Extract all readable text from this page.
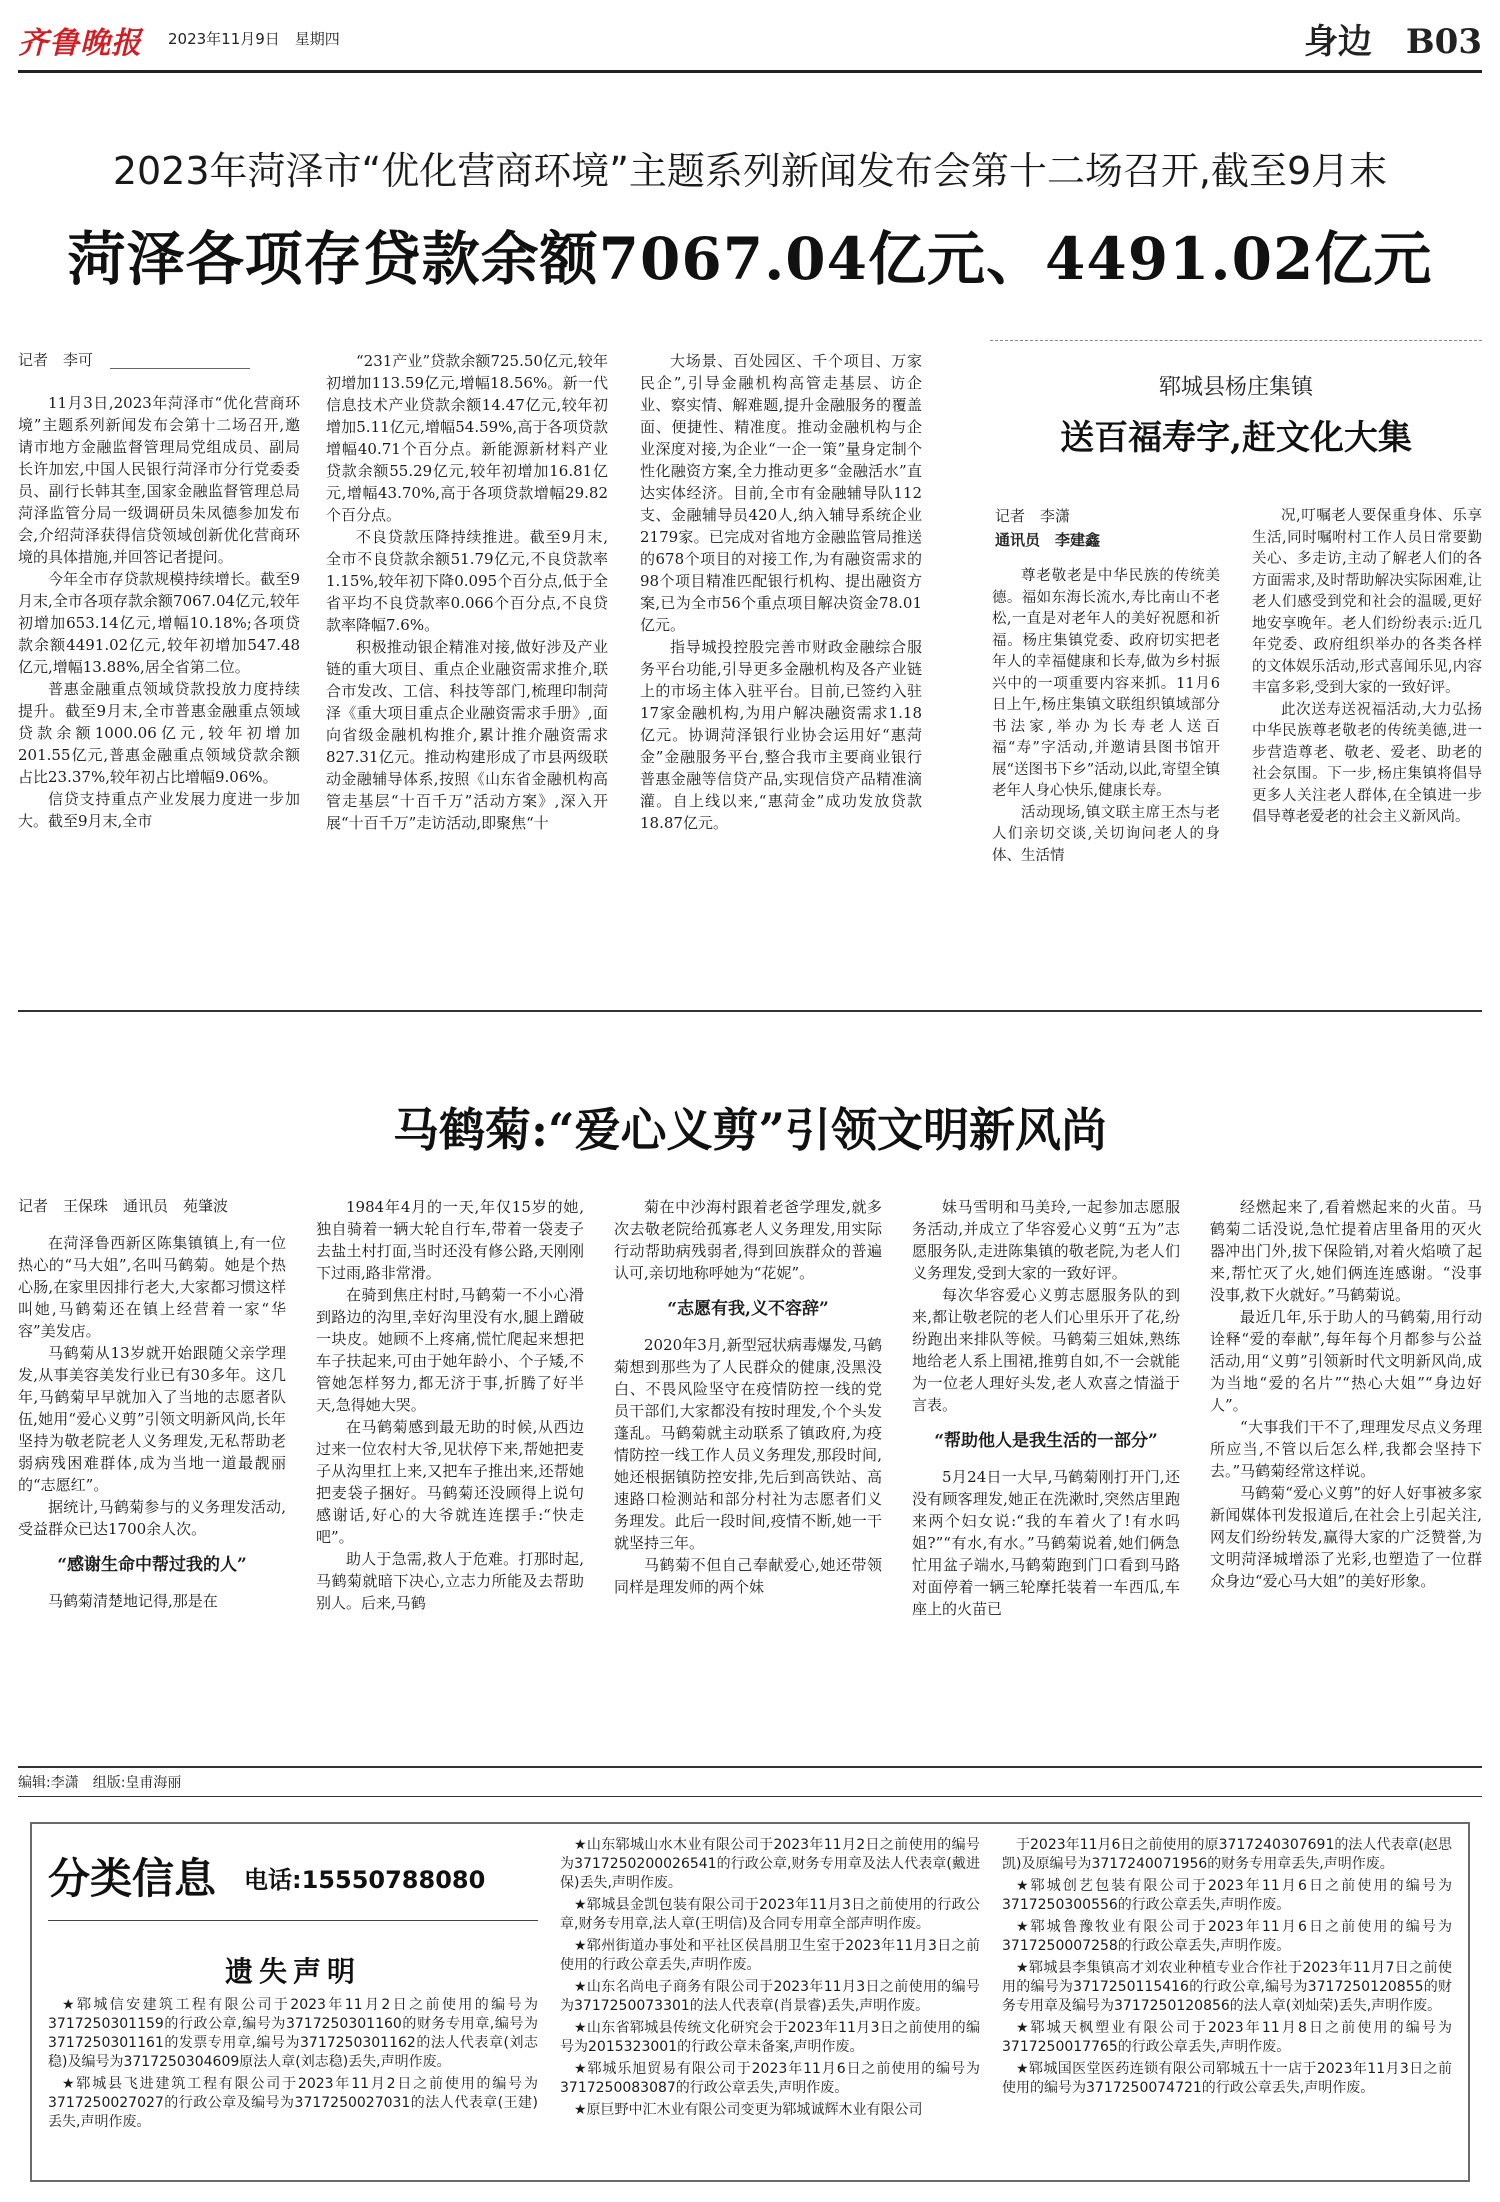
齐鲁晚报 2023年11月9日　星期四	身边　B03
2023年菏泽市“优化营商环境”主题系列新闻发布会第十二场召开,截至9月末
菏泽各项存贷款余额7067.04亿元、4491.02亿元
记者　李可

11月3日,2023年菏泽市“优化营商环境”主题系列新闻发布会第十二场召开,邀请市地方金融监督管理局党组成员、副局长许加宏,中国人民银行菏泽市分行党委委员、副行长韩其奎,国家金融监督管理总局菏泽监管分局一级调研员朱凤德参加发布会,介绍菏泽获得信贷领域创新优化营商环境的具体措施,并回答记者提问。

今年全市存贷款规模持续增长。截至9月末,全市各项存款余额7067.04亿元,较年初增加653.14亿元,增幅10.18%;各项贷款余额4491.02亿元,较年初增加547.48亿元,增幅13.88%,居全省第二位。

普惠金融重点领域贷款投放力度持续提升。截至9月末,全市普惠金融重点领域贷款余额1000.06亿元,较年初增加201.55亿元,普惠金融重点领域贷款余额占比23.37%,较年初占比增幅9.06%。

信贷支持重点产业发展力度进一步加大。截至9月末,全市

“231产业”贷款余额725.50亿元,较年初增加113.59亿元,增幅18.56%。新一代信息技术产业贷款余额14.47亿元,较年初增加5.11亿元,增幅54.59%,高于各项贷款增幅40.71个百分点。新能源新材料产业贷款余额55.29亿元,较年初增加16.81亿元,增幅43.70%,高于各项贷款增幅29.82个百分点。

不良贷款压降持续推进。截至9月末,全市不良贷款余额51.79亿元,不良贷款率1.15%,较年初下降0.095个百分点,低于全省平均不良贷款率0.066个百分点,不良贷款率降幅7.6%。

积极推动银企精准对接,做好涉及产业链的重大项目、重点企业融资需求推介,联合市发改、工信、科技等部门,梳理印制菏泽《重大项目重点企业融资需求手册》,面向省级金融机构推介,累计推介融资需求827.31亿元。推动构建形成了市县两级联动金融辅导体系,按照《山东省金融机构高管走基层“十百千万”活动方案》,深入开展“十百千万”走访活动,即聚焦“十

大场景、百处园区、千个项目、万家民企”,引导金融机构高管走基层、访企业、察实情、解难题,提升金融服务的覆盖面、便捷性、精准度。推动金融机构与企业深度对接,为企业“一企一策”量身定制个性化融资方案,全力推动更多“金融活水”直达实体经济。目前,全市有金融辅导队112支、金融辅导员420人,纳入辅导系统企业2179家。已完成对省地方金融监管局推送的678个项目的对接工作,为有融资需求的98个项目精准匹配银行机构、提出融资方案,已为全市56个重点项目解决资金78.01亿元。

指导城投控股完善市财政金融综合服务平台功能,引导更多金融机构及各产业链上的市场主体入驻平台。目前,已签约入驻17家金融机构,为用户解决融资需求1.18亿元。协调菏泽银行业协会运用好“惠菏金”金融服务平台,整合我市主要商业银行普惠金融等信贷产品,实现信贷产品精准滴灌。自上线以来,“惠菏金”成功发放贷款18.87亿元。

郓城县杨庄集镇
送百福寿字,赶文化大集
记者　李潇
通讯员　李建鑫

尊老敬老是中华民族的传统美德。福如东海长流水,寿比南山不老松,一直是对老年人的美好祝愿和祈福。杨庄集镇党委、政府切实把老年人的幸福健康和长寿,做为乡村振兴中的一项重要内容来抓。11月6日上午,杨庄集镇文联组织镇域部分书法家,举办为长寿老人送百福“寿”字活动,并邀请县图书馆开展“送图书下乡”活动,以此,寄望全镇老年人身心快乐,健康长寿。

活动现场,镇文联主席王杰与老人们亲切交谈,关切询问老人的身体、生活情

况,叮嘱老人要保重身体、乐享生活,同时嘱咐村工作人员日常要勤关心、多走访,主动了解老人们的各方面需求,及时帮助解决实际困难,让老人们感受到党和社会的温暖,更好地安享晚年。老人们纷纷表示:近几年党委、政府组织举办的各类各样的文体娱乐活动,形式喜闻乐见,内容丰富多彩,受到大家的一致好评。

此次送寿送祝福活动,大力弘扬中华民族尊老敬老的传统美德,进一步营造尊老、敬老、爱老、助老的社会氛围。下一步,杨庄集镇将倡导更多人关注老人群体,在全镇进一步倡导尊老爱老的社会主义新风尚。

马鹤菊:“爱心义剪”引领文明新风尚
记者　王保珠　通讯员　苑肇波

在菏泽鲁西新区陈集镇镇上,有一位热心的“马大姐”,名叫马鹤菊。她是个热心肠,在家里因排行老大,大家都习惯这样叫她,马鹤菊还在镇上经营着一家“华容”美发店。

马鹤菊从13岁就开始跟随父亲学理发,从事美容美发行业已有30多年。这几年,马鹤菊早早就加入了当地的志愿者队伍,她用“爱心义剪”引领文明新风尚,长年坚持为敬老院老人义务理发,无私帮助老弱病残困难群体,成为当地一道最靓丽的“志愿红”。

据统计,马鹤菊参与的义务理发活动,受益群众已达1700余人次。

“感谢生命中帮过我的人”

马鹤菊清楚地记得,那是在

1984年4月的一天,年仅15岁的她,独自骑着一辆大轮自行车,带着一袋麦子去盐土村打面,当时还没有修公路,天刚刚下过雨,路非常滑。

在骑到焦庄村时,马鹤菊一不小心滑到路边的沟里,幸好沟里没有水,腿上蹭破一块皮。她顾不上疼痛,慌忙爬起来想把车子扶起来,可由于她年龄小、个子矮,不管她怎样努力,都无济于事,折腾了好半天,急得她大哭。

在马鹤菊感到最无助的时候,从西边过来一位农村大爷,见状停下来,帮她把麦子从沟里扛上来,又把车子推出来,还帮她把麦袋子捆好。马鹤菊还没顾得上说句感谢话,好心的大爷就连连摆手:“快走吧”。

助人于急需,救人于危难。打那时起,马鹤菊就暗下决心,立志力所能及去帮助别人。后来,马鹤

菊在中沙海村跟着老爸学理发,就多次去敬老院给孤寡老人义务理发,用实际行动帮助病残弱者,得到回族群众的普遍认可,亲切地称呼她为“花妮”。

“志愿有我,义不容辞”

2020年3月,新型冠状病毒爆发,马鹤菊想到那些为了人民群众的健康,没黑没白、不畏风险坚守在疫情防控一线的党员干部们,大家都没有按时理发,个个头发蓬乱。马鹤菊就主动联系了镇政府,为疫情防控一线工作人员义务理发,那段时间,她还根据镇防控安排,先后到高铁站、高速路口检测站和部分村社为志愿者们义务理发。此后一段时间,疫情不断,她一干就坚持三年。

马鹤菊不但自己奉献爱心,她还带领同样是理发师的两个妹

妹马雪明和马美玲,一起参加志愿服务活动,并成立了华容爱心义剪“五为”志愿服务队,走进陈集镇的敬老院,为老人们义务理发,受到大家的一致好评。

每次华容爱心义剪志愿服务队的到来,都让敬老院的老人们心里乐开了花,纷纷跑出来排队等候。马鹤菊三姐妹,熟练地给老人系上围裙,推剪自如,不一会就能为一位老人理好头发,老人欢喜之情溢于言表。

“帮助他人是我生活的一部分”

5月24日一大早,马鹤菊刚打开门,还没有顾客理发,她正在洗漱时,突然店里跑来两个妇女说:“我的车着火了!有水吗姐?”“有水,有水。”马鹤菊说着,她们俩急忙用盆子端水,马鹤菊跑到门口看到马路对面停着一辆三轮摩托装着一车西瓜,车座上的火苗已

经燃起来了,看着燃起来的火苗。马鹤菊二话没说,急忙提着店里备用的灭火器冲出门外,拔下保险销,对着火焰喷了起来,帮忙灭了火,她们俩连连感谢。“没事没事,救下火就好。”马鹤菊说。

最近几年,乐于助人的马鹤菊,用行动诠释“爱的奉献”,每年每个月都参与公益活动,用“义剪”引领新时代文明新风尚,成为当地“爱的名片”“热心大姐”“身边好人”。

“大事我们干不了,理理发尽点义务理所应当,不管以后怎么样,我都会坚持下去。”马鹤菊经常这样说。

马鹤菊“爱心义剪”的好人好事被多家新闻媒体刊发报道后,在社会上引起关注,网友们纷纷转发,赢得大家的广泛赞誉,为文明菏泽城增添了光彩,也塑造了一位群众身边“爱心马大姐”的美好形象。

编辑:李潇　组版:皇甫海丽
分类信息 电话:15550788080
遗失声明

★郓城信安建筑工程有限公司于2023年11月2日之前使用的编号为3717250301159的行政公章,编号为3717250301160的财务专用章,编号为3717250301161的发票专用章,编号为3717250301162的法人代表章(刘志稳)及编号为3717250304609原法人章(刘志稳)丢失,声明作废。

★郓城县飞进建筑工程有限公司于2023年11月2日之前使用的编号为3717250027027的行政公章及编号为3717250027031的法人代表章(王建)丢失,声明作废。

★山东郓城山水木业有限公司于2023年11月2日之前使用的编号为3717250200026541的行政公章,财务专用章及法人代表章(戴进保)丢失,声明作废。

★郓城县金凯包装有限公司于2023年11月3日之前使用的行政公章,财务专用章,法人章(王明信)及合同专用章全部声明作废。

★郓州街道办事处和平社区侯昌朋卫生室于2023年11月3日之前使用的行政公章丢失,声明作废。

★山东名尚电子商务有限公司于2023年11月3日之前使用的编号为3717250073301的法人代表章(肖景睿)丢失,声明作废。

★山东省郓城县传统文化研究会于2023年11月3日之前使用的编号为2015323001的行政公章未备案,声明作废。

★郓城乐旭贸易有限公司于2023年11月6日之前使用的编号为3717250083087的行政公章丢失,声明作废。

★原巨野中汇木业有限公司变更为郓城诚辉木业有限公司

于2023年11月6日之前使用的原3717240307691的法人代表章(赵思凯)及原编号为3717240071956的财务专用章丢失,声明作废。

★郓城创艺包装有限公司于2023年11月6日之前使用的编号为3717250300556的行政公章丢失,声明作废。

★郓城鲁豫牧业有限公司于2023年11月6日之前使用的编号为3717250007258的行政公章丢失,声明作废。

★郓城县李集镇高才刘农业种植专业合作社于2023年11月7日之前使用的编号为3717250115416的行政公章,编号为3717250120855的财务专用章及编号为3717250120856的法人章(刘灿荣)丢失,声明作废。

★郓城天枫塑业有限公司于2023年11月8日之前使用的编号为3717250017765的行政公章丢失,声明作废。

★郓城国医堂医药连锁有限公司郓城五十一店于2023年11月3日之前使用的编号为3717250074721的行政公章丢失,声明作废。
